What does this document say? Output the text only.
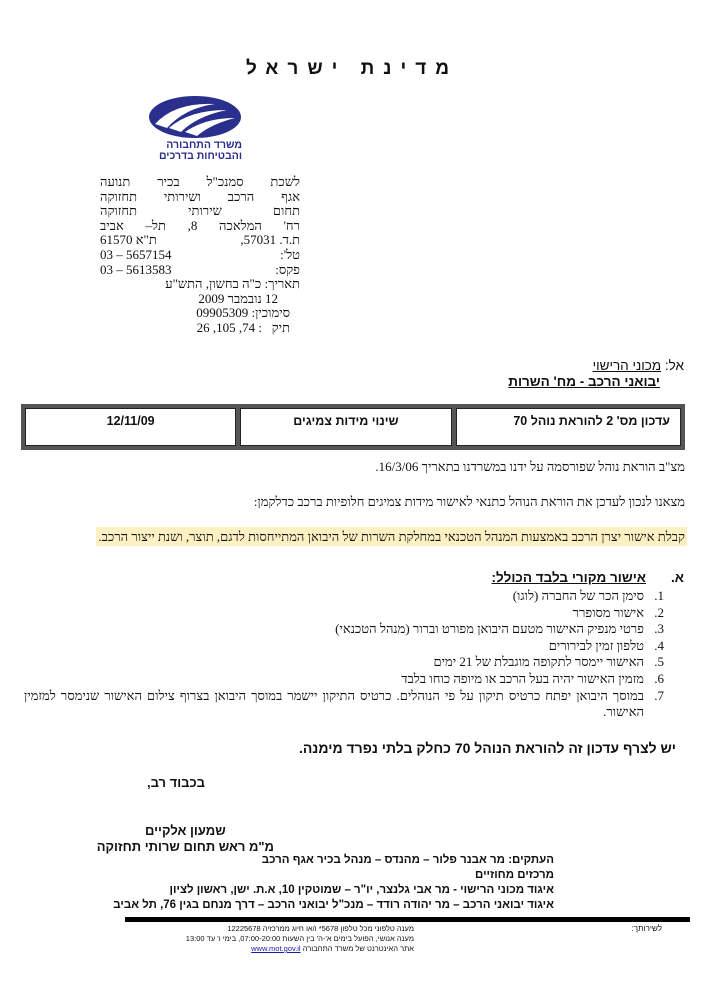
מדינת ישראל
משרד התחבורה
והבטיחות בדרכים
לשכת סמנכ"ל בכיר תנועה
אגף הרכב ושירותי תחזוקה
תחום שירותי תחזוקה
רח' המלאכה 8, תל– אביב
ת.ד. 57031,
ת"א 61570
טל':
03 – 5657154
פקס:
03 – 5613583
תאריך: כ"ה בחשון, התש"ע
12 נובמבר 2009
סימוכין: 09905309
תיק   : 74, 105, 26
אל: מכוני הרישוי
יבואני הרכב - מח' השרות
עדכון מס' 2 להוראת נוהל 70
שינוי מידות צמיגים
12/11/09
מצ"ב הוראת נוהל שפורסמה על ידנו במשרדנו בתאריך 16/3/06.
מצאנו לנכון לעדכן את הוראת הנוהל כתנאי לאישור מידות צמיגים חלופיות ברכב כדלקמן:
קבלת אישור יצרן הרכב באמצעות המנהל הטכנאי במחלקת השרות של היבואן המתייחסות לדגם, תוצר, ושנת ייצור הרכב.
א.
אישור מקורי בלבד הכולל:
1.
סימן הכר של החברה (לוגו)
2.
אישור מסופרר
3.
פרטי מנפיק האישור מטעם היבואן מפורט וברור (מנהל הטכנאי)
4.
טלפון זמין לבירורים
5.
האישור יימסר לתקופה מוגבלת של 21 ימים
6.
מזמין האישור יהיה בעל הרכב או מיופה כוחו בלבד
7.
במוסך היבואן יפתח כרטיס תיקון על פי הנוהלים. כרטיס התיקון יישמר במוסך היבואן בצרוף צילום האישור שנימסר למזמין האישור.
יש לצרף עדכון זה להוראת הנוהל 70 כחלק בלתי נפרד מימנה.
בכבוד רב,
שמעון אלקיים
מ"מ ראש תחום שרותי תחזוקה
העתקים: מר אבנר פלור – מהנדס – מנהל בכיר אגף הרכב
מרכזים מחוזיים
איגוד מכוני הרישוי - מר אבי גלנצר, יו"ר – שמוטקין 10, א.ת. ישן, ראשון לציון
איגוד יבואני הרכב – מר יהודה רודד – מנכ"ל יבואני הרכב – דרך מנחם בגין 76, תל אביב
לשירותך:
מענה טלפוני מכל טלפון 5678* ו/או חיוג ממרכזיה 12225678
מענה אנושי, הפועל בימים א'-ה' בין השעות 07:00-20:00, בימי ו' עד 13:00
אתר האינטרנט של משרד התחבורה www.mot.gov.il
